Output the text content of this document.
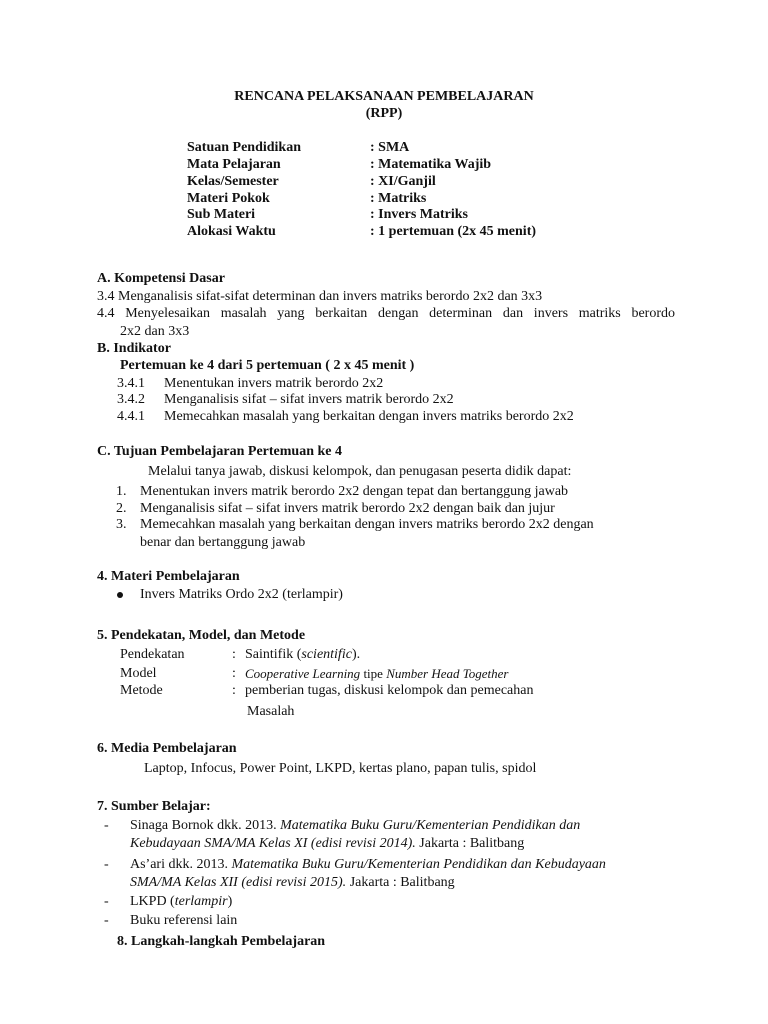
RENCANA PELAKSANAAN PEMBELAJARAN
(RPP)
Satuan Pendidikan	: SMA
Mata Pelajaran	: Matematika Wajib
Kelas/Semester	: XI/Ganjil
Materi Pokok	: Matriks
Sub Materi	: Invers Matriks
Alokasi Waktu	: 1 pertemuan (2x 45 menit)
A. Kompetensi Dasar
3.4 Menganalisis sifat-sifat determinan dan invers matriks berordo 2x2 dan 3x3
4.4 Menyelesaikan masalah yang berkaitan dengan determinan dan invers matriks berordo
2x2 dan 3x3
B. Indikator
Pertemuan ke 4 dari 5 pertemuan ( 2 x 45 menit )
3.4.1 Menentukan invers matrik berordo 2x2
3.4.2 Menganalisis sifat – sifat invers matrik berordo 2x2
4.4.1 Memecahkan masalah yang berkaitan dengan invers matriks berordo 2x2
C. Tujuan Pembelajaran Pertemuan ke 4
Melalui tanya jawab, diskusi kelompok, dan penugasan peserta didik dapat:
1. Menentukan invers matrik berordo 2x2 dengan tepat dan bertanggung jawab
2. Menganalisis sifat – sifat invers matrik berordo 2x2 dengan baik dan jujur
3. Memecahkan masalah yang berkaitan dengan invers matriks berordo 2x2 dengan
benar dan bertanggung jawab
4. Materi Pembelajaran
Invers Matriks Ordo 2x2 (terlampir)
5. Pendekatan, Model, dan Metode
Pendekatan	: Saintifik (scientific).
Model	: Cooperative Learning tipe Number Head Together
Metode	: pemberian tugas, diskusi kelompok dan pemecahan
Masalah
6. Media Pembelajaran
Laptop, Infocus, Power Point, LKPD, kertas plano, papan tulis, spidol
7. Sumber Belajar:
- Sinaga Bornok dkk. 2013. Matematika Buku Guru/Kementerian Pendidikan dan
Kebudayaan SMA/MA Kelas XI (edisi revisi 2014). Jakarta : Balitbang
- As’ari dkk. 2013. Matematika Buku Guru/Kementerian Pendidikan dan Kebudayaan
SMA/MA Kelas XII (edisi revisi 2015). Jakarta : Balitbang
- LKPD (terlampir)
- Buku referensi lain
8. Langkah-langkah Pembelajaran
